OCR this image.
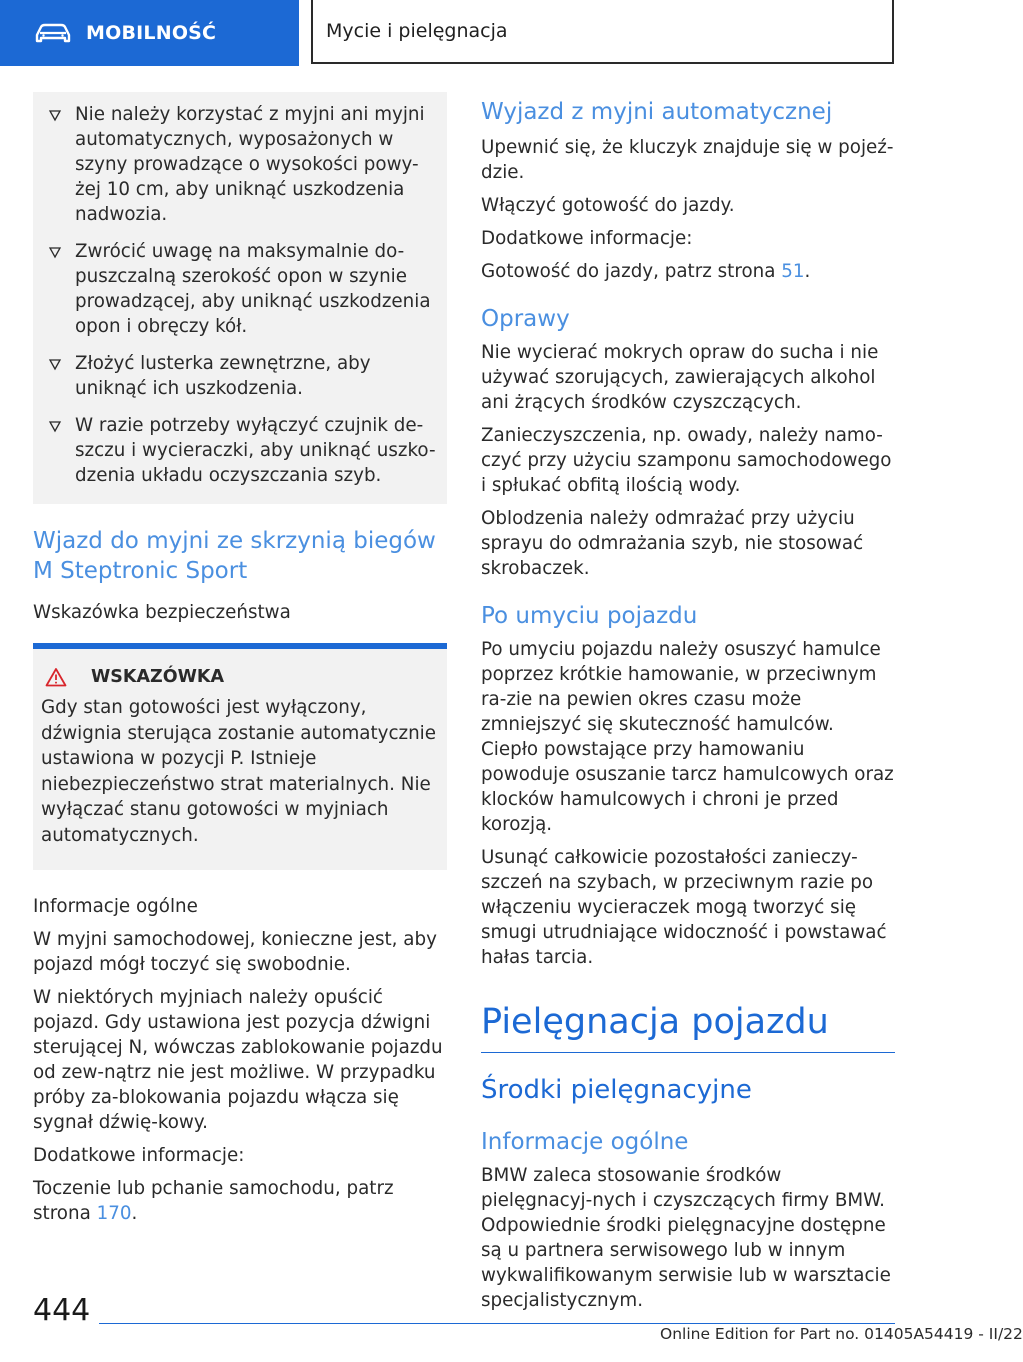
MOBILNOŚĆ	Mycie i pielęgnacja
Nie należy korzystać z myjni ani myjni automatycznych, wyposażonych w szyny prowadzące o wysokości powy-żej 10 cm, aby uniknąć uszkodzenia nadwozia.
Zwrócić uwagę na maksymalnie do-puszczalną szerokość opon w szynie prowadzącej, aby uniknąć uszkodzenia opon i obręczy kół.
Złożyć lusterka zewnętrzne, aby uniknąć ich uszkodzenia.
W razie potrzeby wyłączyć czujnik de-szczu i wycieraczki, aby uniknąć uszko-dzenia układu oczyszczania szyb.
Wjazd do myjni ze skrzynią biegów M Steptronic Sport

Wskazówka bezpieczeństwa

WSKAZÓWKA

Gdy stan gotowości jest wyłączony, dźwignia sterująca zostanie automatycznie ustawiona w pozycji P. Istnieje niebezpieczeństwo strat materialnych. Nie wyłączać stanu gotowości w myjniach automatycznych.

Informacje ogólne

W myjni samochodowej, konieczne jest, aby pojazd mógł toczyć się swobodnie.

W niektórych myjniach należy opuścić pojazd. Gdy ustawiona jest pozycja dźwigni sterującej N, wówczas zablokowanie pojazdu od zew-nątrz nie jest możliwe. W przypadku próby za-blokowania pojazdu włącza się sygnał dźwię-kowy.

Dodatkowe informacje:

Toczenie lub pchanie samochodu, patrz strona 170.

Wyjazd z myjni automatycznej

Upewnić się, że kluczyk znajduje się w pojeź-dzie.

Włączyć gotowość do jazdy.

Dodatkowe informacje:

Gotowość do jazdy, patrz strona 51.

Oprawy

Nie wycierać mokrych opraw do sucha i nie używać szorujących, zawierających alkohol ani żrących środków czyszczących.

Zanieczyszczenia, np. owady, należy namo-czyć przy użyciu szamponu samochodowego i spłukać obfitą ilością wody.

Oblodzenia należy odmrażać przy użyciu sprayu do odmrażania szyb, nie stosować skrobaczek.

Po umyciu pojazdu

Po umyciu pojazdu należy osuszyć hamulce poprzez krótkie hamowanie, w przeciwnym ra-zie na pewien okres czasu może zmniejszyć się skuteczność hamulców. Ciepło powstające przy hamowaniu powoduje osuszanie tarcz hamulcowych oraz klocków hamulcowych i chroni je przed korozją.

Usunąć całkowicie pozostałości zanieczy-szczeń na szybach, w przeciwnym razie po włączeniu wycieraczek mogą tworzyć się smugi utrudniające widoczność i powstawać hałas tarcia.

Pielęgnacja pojazdu
Środki pielęgnacyjne
Informacje ogólne

BMW zaleca stosowanie środków pielęgnacyj-nych i czyszczących firmy BMW. Odpowiednie środki pielęgnacyjne dostępne są u partnera serwisowego lub w innym wykwalifikowanym serwisie lub w warsztacie specjalistycznym.

444
Online Edition for Part no. 01405A54419 - II/22
